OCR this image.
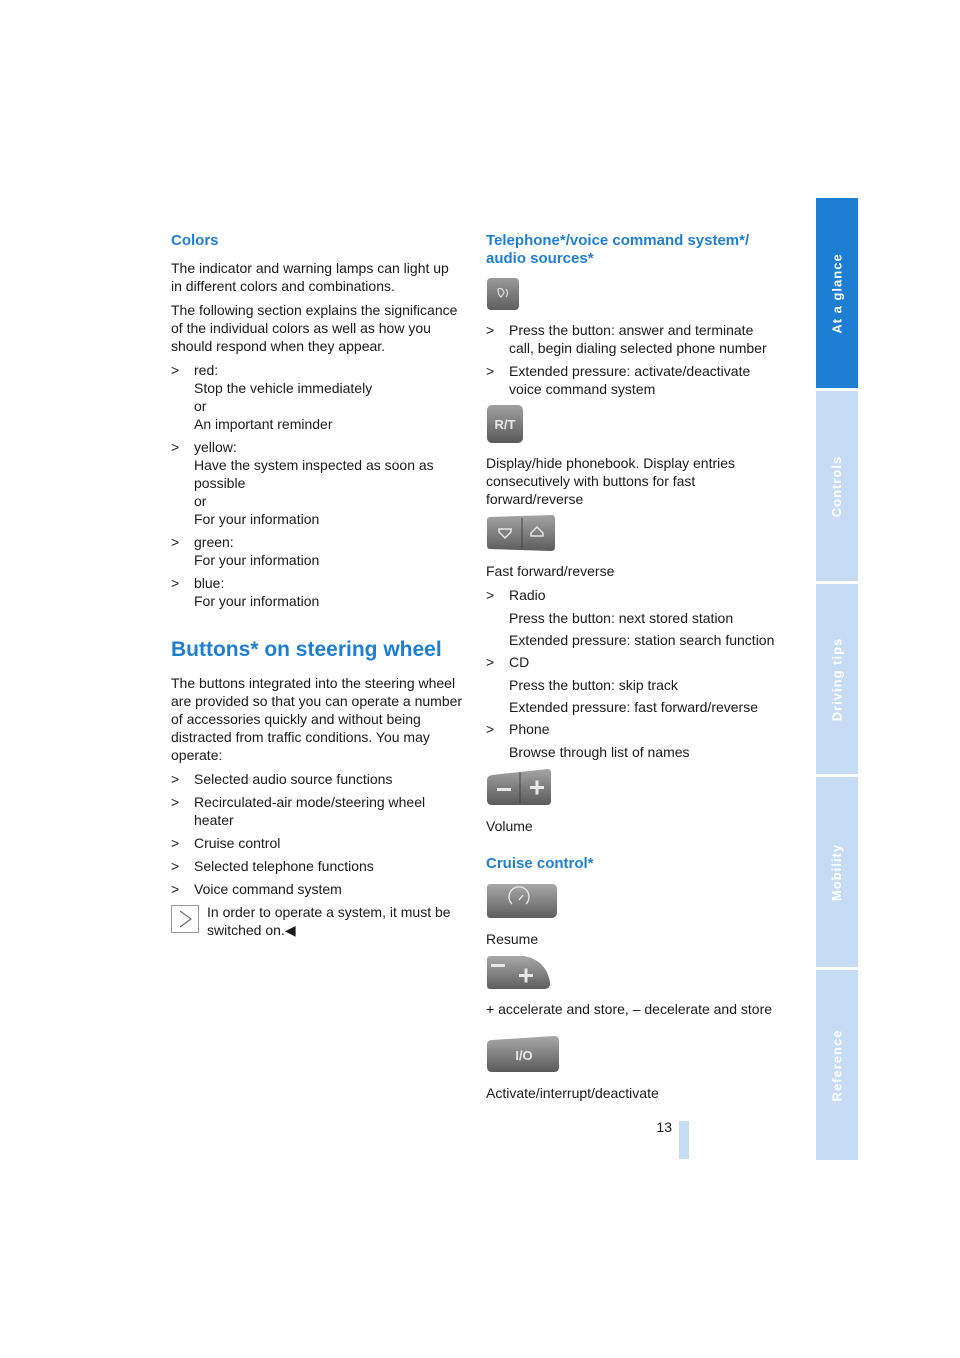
Colors

The indicator and warning lamps can light up in different colors and combinations.

The following section explains the significance of the individual colors as well as how you should respond when they appear.

> red:
Stop the vehicle immediately
or
An important reminder
> yellow:
Have the system inspected as soon as possible
or
For your information
> green:
For your information
> blue:
For your information
Buttons* on steering wheel

The buttons integrated into the steering wheel are provided so that you can operate a number of accessories quickly and without being distracted from traffic conditions. You may operate:

> Selected audio source functions
> Recirculated-air mode/steering wheel heater
> Cruise control
> Selected telephone functions
> Voice command system
In order to operate a system, it must be switched on.◀
Telephone*/voice command system*/ audio sources*
> Press the button: answer and terminate call, begin dialing selected phone number
> Extended pressure: activate/deactivate voice command system
R/T

Display/hide phonebook. Display entries consecutively with buttons for fast forward/reverse

Fast forward/reverse

> Radio

Press the button: next stored station

Extended pressure: station search function

> CD

Press the button: skip track

Extended pressure: fast forward/reverse

> Phone

Browse through list of names

Volume

Cruise control*

Resume

+ accelerate and store, – decelerate and store

I/O

Activate/interrupt/deactivate

13
At a glance
Controls
Driving tips
Mobility
Reference
